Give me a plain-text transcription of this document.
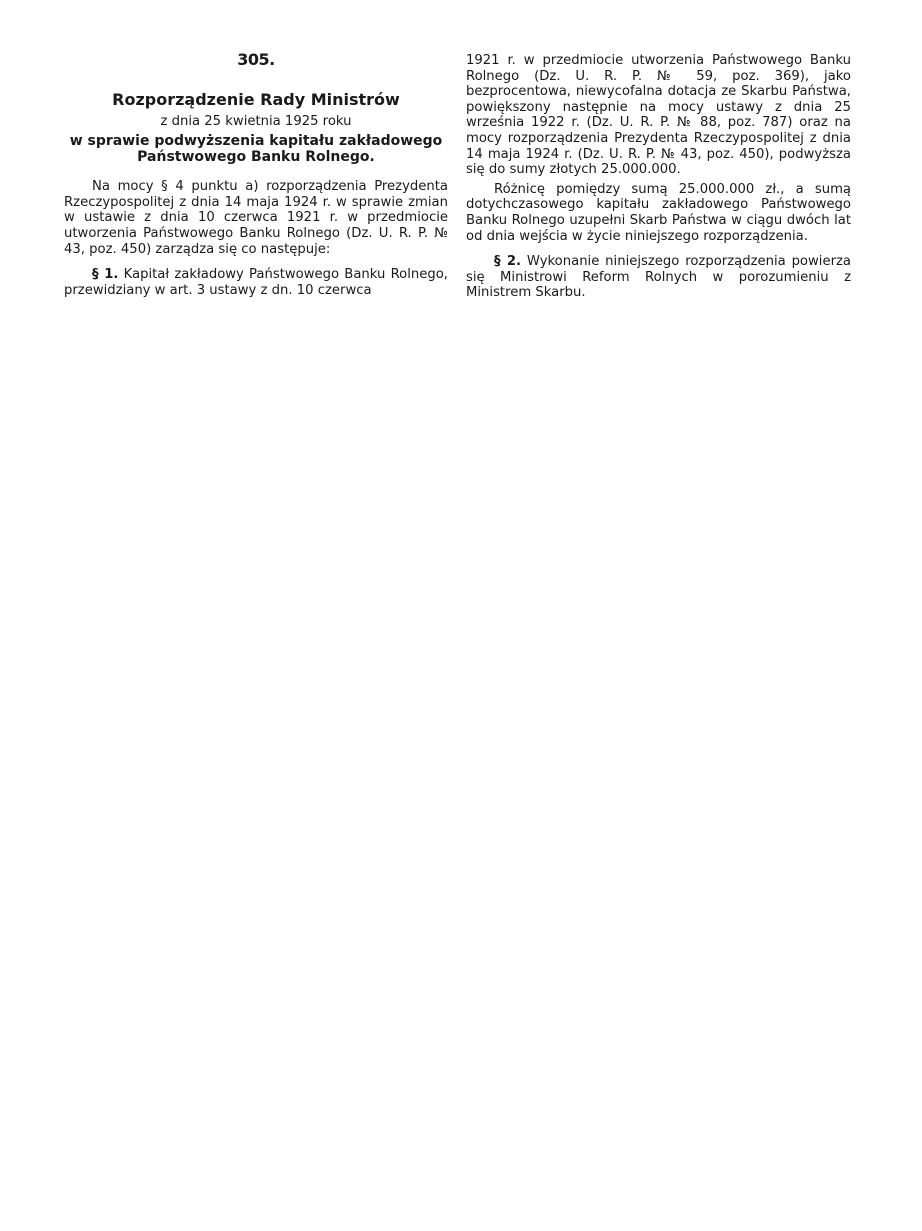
305.
Rozporządzenie Rady Ministrów
z dnia 25 kwietnia 1925 roku
w sprawie podwyższenia kapitału zakładowego
Państwowego Banku Rolnego.

Na mocy § 4 punktu a) rozporządzenia Prezydenta Rzeczypospolitej z dnia 14 maja 1924 r. w sprawie zmian w ustawie z dnia 10 czerwca 1921 r. w przedmiocie utworzenia Państwowego Banku Rolnego (Dz. U. R. P. № 43, poz. 450) zarządza się co następuje:

§ 1. Kapitał zakładowy Państwowego Banku Rolnego, przewidziany w art. 3 ustawy z dn. 10 czerwca

1921 r. w przedmiocie utworzenia Państwowego Banku Rolnego (Dz. U. R. P. № 59, poz. 369), jako bezprocentowa, niewycofalna dotacja ze Skarbu Państwa, powiększony następnie na mocy ustawy z dnia 25 września 1922 r. (Dz. U. R. P. № 88, poz. 787) oraz na mocy rozporządzenia Prezydenta Rzeczypospolitej z dnia 14 maja 1924 r. (Dz. U. R. P. № 43, poz. 450), podwyższa się do sumy złotych 25.000.000.

Różnicę pomiędzy sumą 25.000.000 zł., a sumą dotychczasowego kapitału zakładowego Państwowego Banku Rolnego uzupełni Skarb Państwa w ciągu dwóch lat od dnia wejścia w życie niniejszego rozporządzenia.

§ 2. Wykonanie niniejszego rozporządzenia powierza się Ministrowi Reform Rolnych w porozumieniu z Ministrem Skarbu.
